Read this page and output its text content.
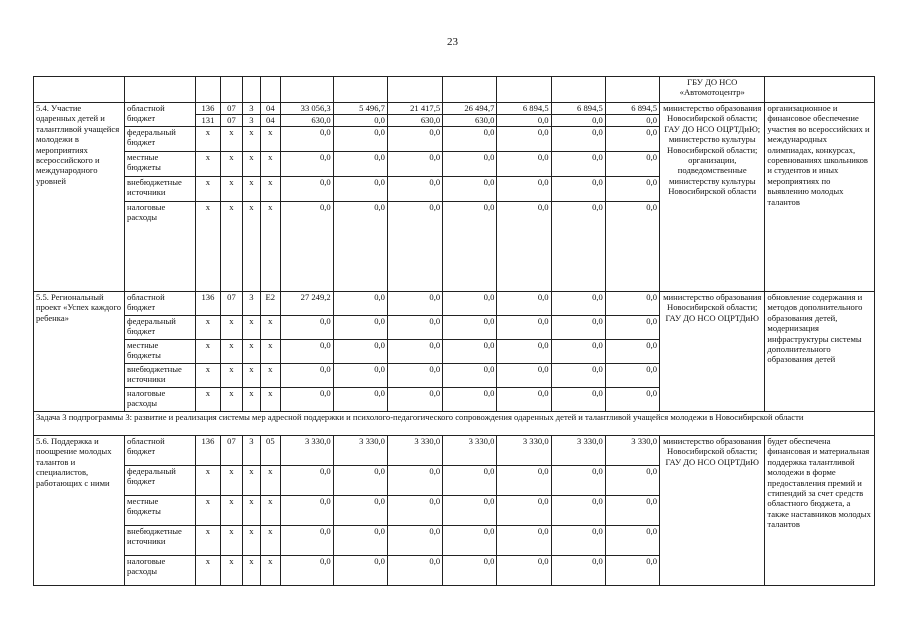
23
													ГБУ ДО НСО «Автомотоцентр»	
5.4. Участие одаренных детей и талантливой учащейся молодежи в мероприятиях всероссийского и международного уровней	областной бюджет	136	07	3	04	33 056,3	5 496,7	21 417,5	26 494,7	6 894,5	6 894,5	6 894,5	министерство образования Новосибирской области; ГАУ ДО НСО ОЦРТДиЮ; министерство культуры Новосибирской области; организации, подведомственные министерству культуры Новосибирской области	организационное и финансовое обеспечение участия во всероссийских и международных олимпиадах, конкурсах, соревнованиях школьников и студентов и иных мероприятиях по выявлению молодых талантов
		131	07	3	04	630,0	0,0	630,0	630,0	0,0	0,0	0,0		
	федеральный бюджет	x	x	x	x	0,0	0,0	0,0	0,0	0,0	0,0	0,0		
	местные бюджеты	x	x	x	x	0,0	0,0	0,0	0,0	0,0	0,0	0,0		
	внебюджетные источники	x	x	x	x	0,0	0,0	0,0	0,0	0,0	0,0	0,0		
	налоговые расходы	x	x	x	x	0,0	0,0	0,0	0,0	0,0	0,0	0,0		

5.5. Региональный проект «Успех каждого ребенка»	областной бюджет	136	07	3	E2	27 249,2	0,0	0,0	0,0	0,0	0,0	0,0	министерство образования Новосибирской области; ГАУ ДО НСО ОЦРТДиЮ	обновление содержания и методов дополнительного образования детей, модернизация инфраструктуры системы дополнительного образования детей
	федеральный бюджет	x	x	x	x	0,0	0,0	0,0	0,0	0,0	0,0	0,0		
	местные бюджеты	x	x	x	x	0,0	0,0	0,0	0,0	0,0	0,0	0,0		
	внебюджетные источники	x	x	x	x	0,0	0,0	0,0	0,0	0,0	0,0	0,0		
	налоговые расходы	x	x	x	x	0,0	0,0	0,0	0,0	0,0	0,0	0,0		
Задача 3 подпрограммы 3: развитие и реализация системы мер адресной поддержки и психолого-педагогического сопровождения одаренных детей и талантливой учащейся молодежи в Новосибирской области														
5.6. Поддержка и поощрение молодых талантов и специалистов, работающих с ними	областной бюджет	136	07	3	05	3 330,0	3 330,0	3 330,0	3 330,0	3 330,0	3 330,0	3 330,0	министерство образования Новосибирской области; ГАУ ДО НСО ОЦРТДиЮ	будет обеспечена финансовая и материальная поддержка талантливой молодежи в форме предоставления премий и стипендий за счет средств областного бюджета, а также наставников молодых талантов
	федеральный бюджет	x	x	x	x	0,0	0,0	0,0	0,0	0,0	0,0	0,0		
	местные бюджеты	x	x	x	x	0,0	0,0	0,0	0,0	0,0	0,0	0,0		
	внебюджетные источники	x	x	x	x	0,0	0,0	0,0	0,0	0,0	0,0	0,0		
	налоговые расходы	x	x	x	x	0,0	0,0	0,0	0,0	0,0	0,0	0,0		
